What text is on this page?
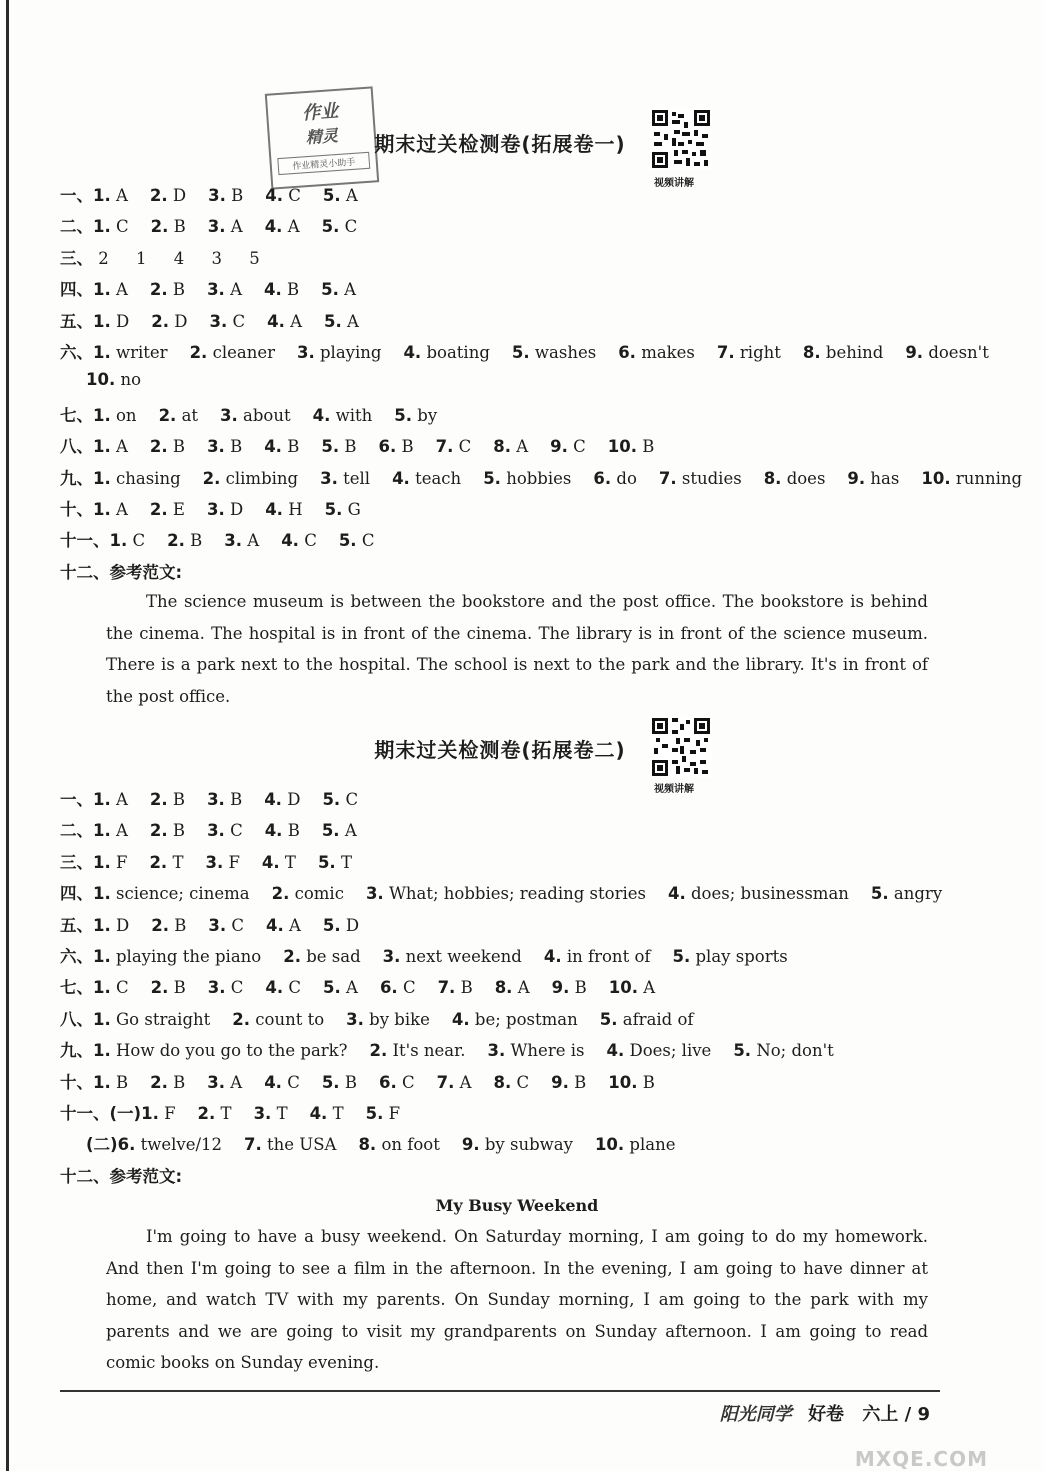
作业
精灵
作业精灵小助手
期末过关检测卷(拓展卷一)
视频讲解
一、1. A 2. D 3. B 4. C 5. A
二、1. C 2. B 3. A 4. A 5. C
三、 2 1 4 3 5
四、1. A 2. B 3. A 4. B 5. A
五、1. D 2. D 3. C 4. A 5. A
六、1. writer 2. cleaner 3. playing 4. boating 5. washes 6. makes 7. right 8. behind 9. doesn't
10. no
七、1. on 2. at 3. about 4. with 5. by
八、1. A 2. B 3. B 4. B 5. B 6. B 7. C 8. A 9. C 10. B
九、1. chasing 2. climbing 3. tell 4. teach 5. hobbies 6. do 7. studies 8. does 9. has 10. running
十、1. A 2. E 3. D 4. H 5. G
十一、1. C 2. B 3. A 4. C 5. C
十二、参考范文:
The science museum is between the bookstore and the post office. The bookstore is behind the cinema. The hospital is in front of the cinema. The library is in front of the science museum. There is a park next to the hospital. The school is next to the park and the library. It's in front of the post office.
期末过关检测卷(拓展卷二)
视频讲解
一、1. A 2. B 3. B 4. D 5. C
二、1. A 2. B 3. C 4. B 5. A
三、1. F 2. T 3. F 4. T 5. T
四、1. science; cinema 2. comic 3. What; hobbies; reading stories 4. does; businessman 5. angry
五、1. D 2. B 3. C 4. A 5. D
六、1. playing the piano 2. be sad 3. next weekend 4. in front of 5. play sports
七、1. C 2. B 3. C 4. C 5. A 6. C 7. B 8. A 9. B 10. A
八、1. Go straight 2. count to 3. by bike 4. be; postman 5. afraid of
九、1. How do you go to the park? 2. It's near. 3. Where is 4. Does; live 5. No; don't
十、1. B 2. B 3. A 4. C 5. B 6. C 7. A 8. C 9. B 10. B
十一、(一)1. F 2. T 3. T 4. T 5. F
(二)6. twelve/12 7. the USA 8. on foot 9. by subway 10. plane
十二、参考范文:
My Busy Weekend
I'm going to have a busy weekend. On Saturday morning, I am going to do my homework. And then I'm going to see a film in the afternoon. In the evening, I am going to have dinner at home, and watch TV with my parents. On Sunday morning, I am going to the park with my parents and we are going to visit my grandparents on Sunday afternoon. I am going to read comic books on Sunday evening.
阳光同学 好卷 六上 / 9
MXQE.COM
